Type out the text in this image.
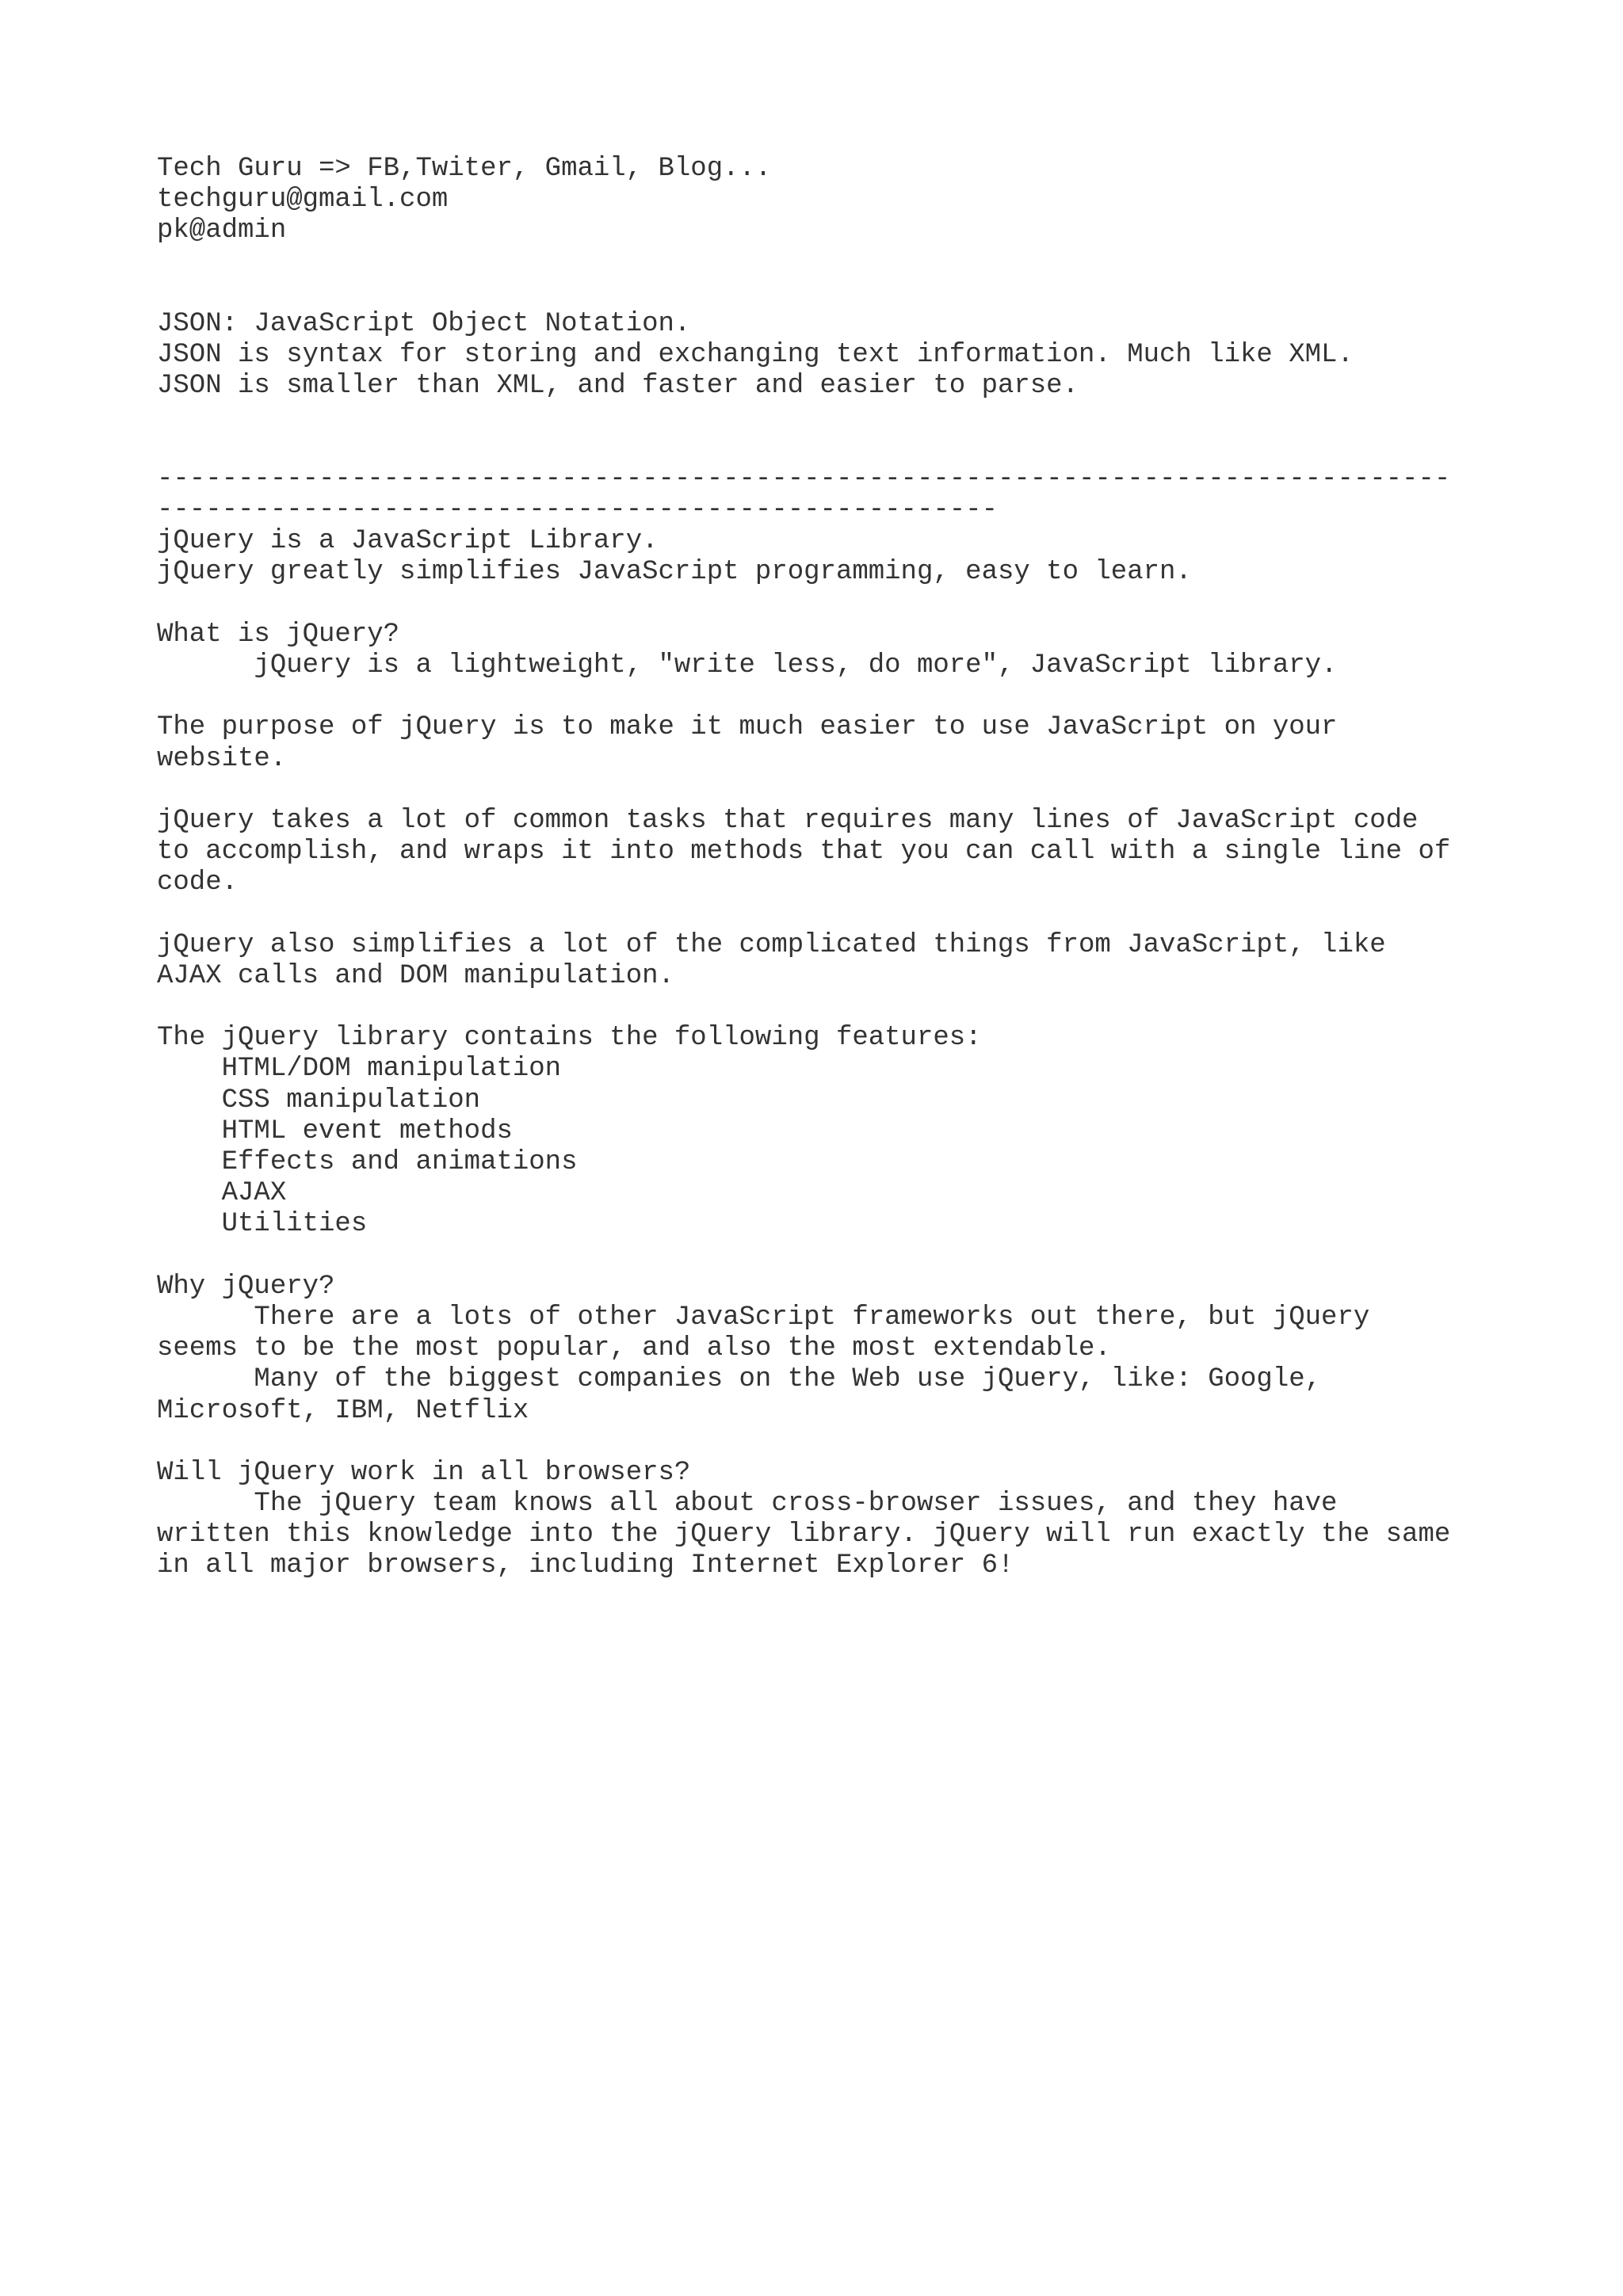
Tech Guru => FB,Twiter, Gmail, Blog...

techguru@gmail.com

pk@admin

JSON: JavaScript Object Notation.

JSON is syntax for storing and exchanging text information. Much like XML.

JSON is smaller than XML, and faster and easier to parse.

--------------------------------------------------------------------------------

----------------------------------------------------

jQuery is a JavaScript Library.

jQuery greatly simplifies JavaScript programming, easy to learn.

What is jQuery?

jQuery is a lightweight, "write less, do more", JavaScript library.

The purpose of jQuery is to make it much easier to use JavaScript on your

website.

jQuery takes a lot of common tasks that requires many lines of JavaScript code

to accomplish, and wraps it into methods that you can call with a single line of

code.

jQuery also simplifies a lot of the complicated things from JavaScript, like

AJAX calls and DOM manipulation.

The jQuery library contains the following features:

HTML/DOM manipulation

CSS manipulation

HTML event methods

Effects and animations

AJAX

Utilities

Why jQuery?

There are a lots of other JavaScript frameworks out there, but jQuery

seems to be the most popular, and also the most extendable.

Many of the biggest companies on the Web use jQuery, like: Google,

Microsoft, IBM, Netflix

Will jQuery work in all browsers?

The jQuery team knows all about cross-browser issues, and they have

written this knowledge into the jQuery library. jQuery will run exactly the same

in all major browsers, including Internet Explorer 6!
